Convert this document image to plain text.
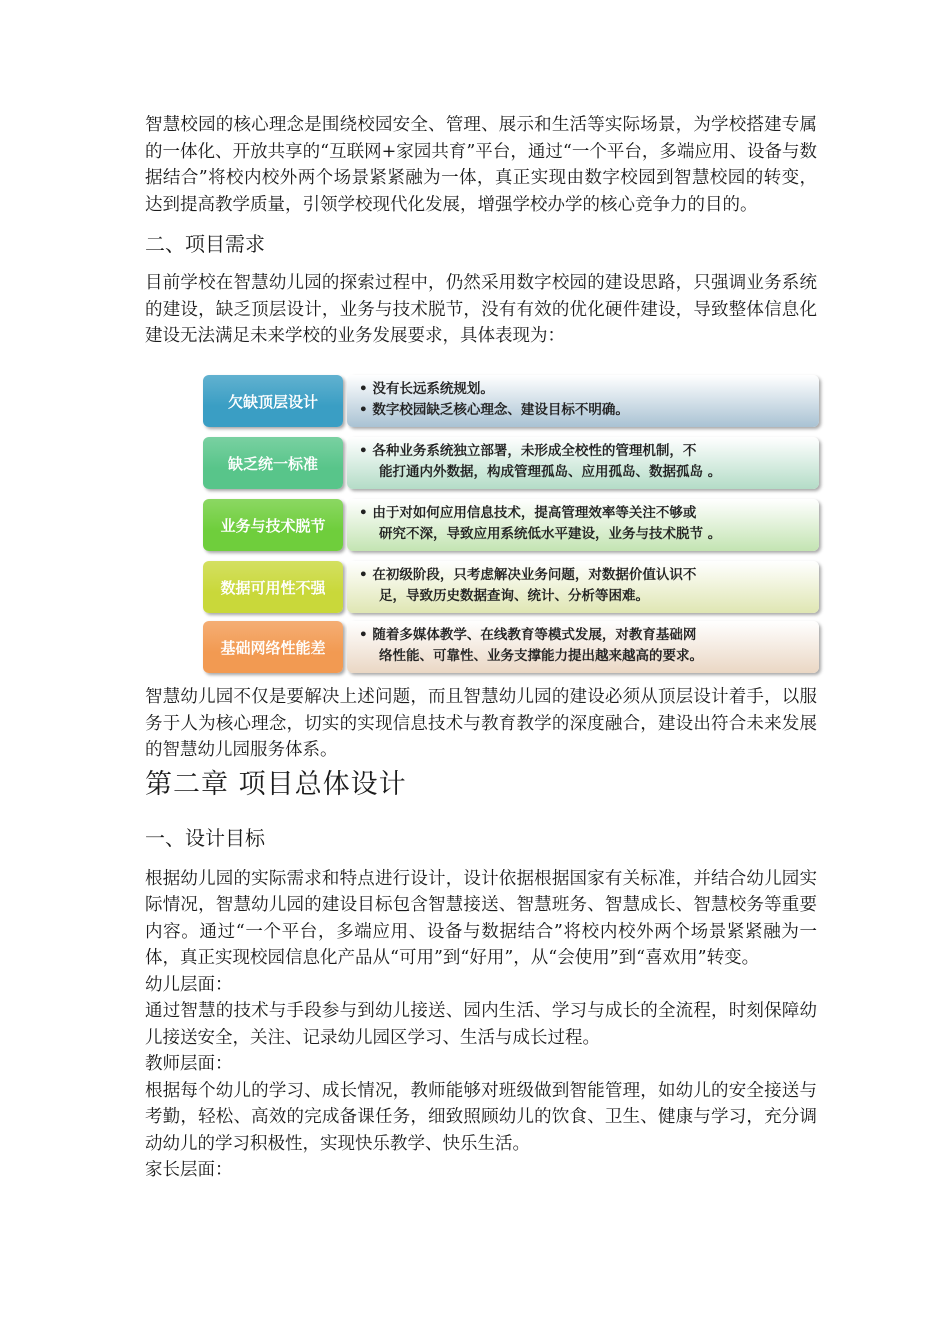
智慧校园的核心理念是围绕校园安全、管理、展示和生活等实际场景，为学校搭建专属的一体化、开放共享的“互联网+家园共育”平台，通过“一个平台，多端应用、设备与数据结合”将校内校外两个场景紧紧融为一体，真正实现由数字校园到智慧校园的转变，达到提高教学质量，引领学校现代化发展，增强学校办学的核心竞争力的目的。

二、项目需求

目前学校在智慧幼儿园的探索过程中，仍然采用数字校园的建设思路，只强调业务系统的建设，缺乏顶层设计，业务与技术脱节，没有有效的优化硬件建设，导致整体信息化建设无法满足未来学校的业务发展要求，具体表现为：

欠缺顶层设计
• 没有长远系统规划。
• 数字校园缺乏核心理念、建设目标不明确。
缺乏统一标准
• 各种业务系统独立部署，未形成全校性的管理机制，不
能打通内外数据，构成管理孤岛、应用孤岛、数据孤岛 。
业务与技术脱节
• 由于对如何应用信息技术，提高管理效率等关注不够或
研究不深，导致应用系统低水平建设，业务与技术脱节 。
数据可用性不强
• 在初级阶段，只考虑解决业务问题，对数据价值认识不
足，导致历史数据查询、统计、分析等困难。
基础网络性能差
• 随着多媒体教学、在线教育等模式发展，对教育基础网
络性能、可靠性、业务支撑能力提出越来越高的要求。

智慧幼儿园不仅是要解决上述问题，而且智慧幼儿园的建设必须从顶层设计着手，以服务于人为核心理念，切实的实现信息技术与教育教学的深度融合，建设出符合未来发展的智慧幼儿园服务体系。

第二章 项目总体设计

一、设计目标

根据幼儿园的实际需求和特点进行设计，设计依据根据国家有关标准，并结合幼儿园实际情况，智慧幼儿园的建设目标包含智慧接送、智慧班务、智慧成长、智慧校务等重要内容。通过“一个平台，多端应用、设备与数据结合”将校内校外两个场景紧紧融为一体，真正实现校园信息化产品从“可用”到“好用”，从“会使用”到“喜欢用”转变。

幼儿层面：

通过智慧的技术与手段参与到幼儿接送、园内生活、学习与成长的全流程，时刻保障幼儿接送安全，关注、记录幼儿园区学习、生活与成长过程。

教师层面：

根据每个幼儿的学习、成长情况，教师能够对班级做到智能管理，如幼儿的安全接送与考勤，轻松、高效的完成备课任务，细致照顾幼儿的饮食、卫生、健康与学习，充分调动幼儿的学习积极性，实现快乐教学、快乐生活。

家长层面：
